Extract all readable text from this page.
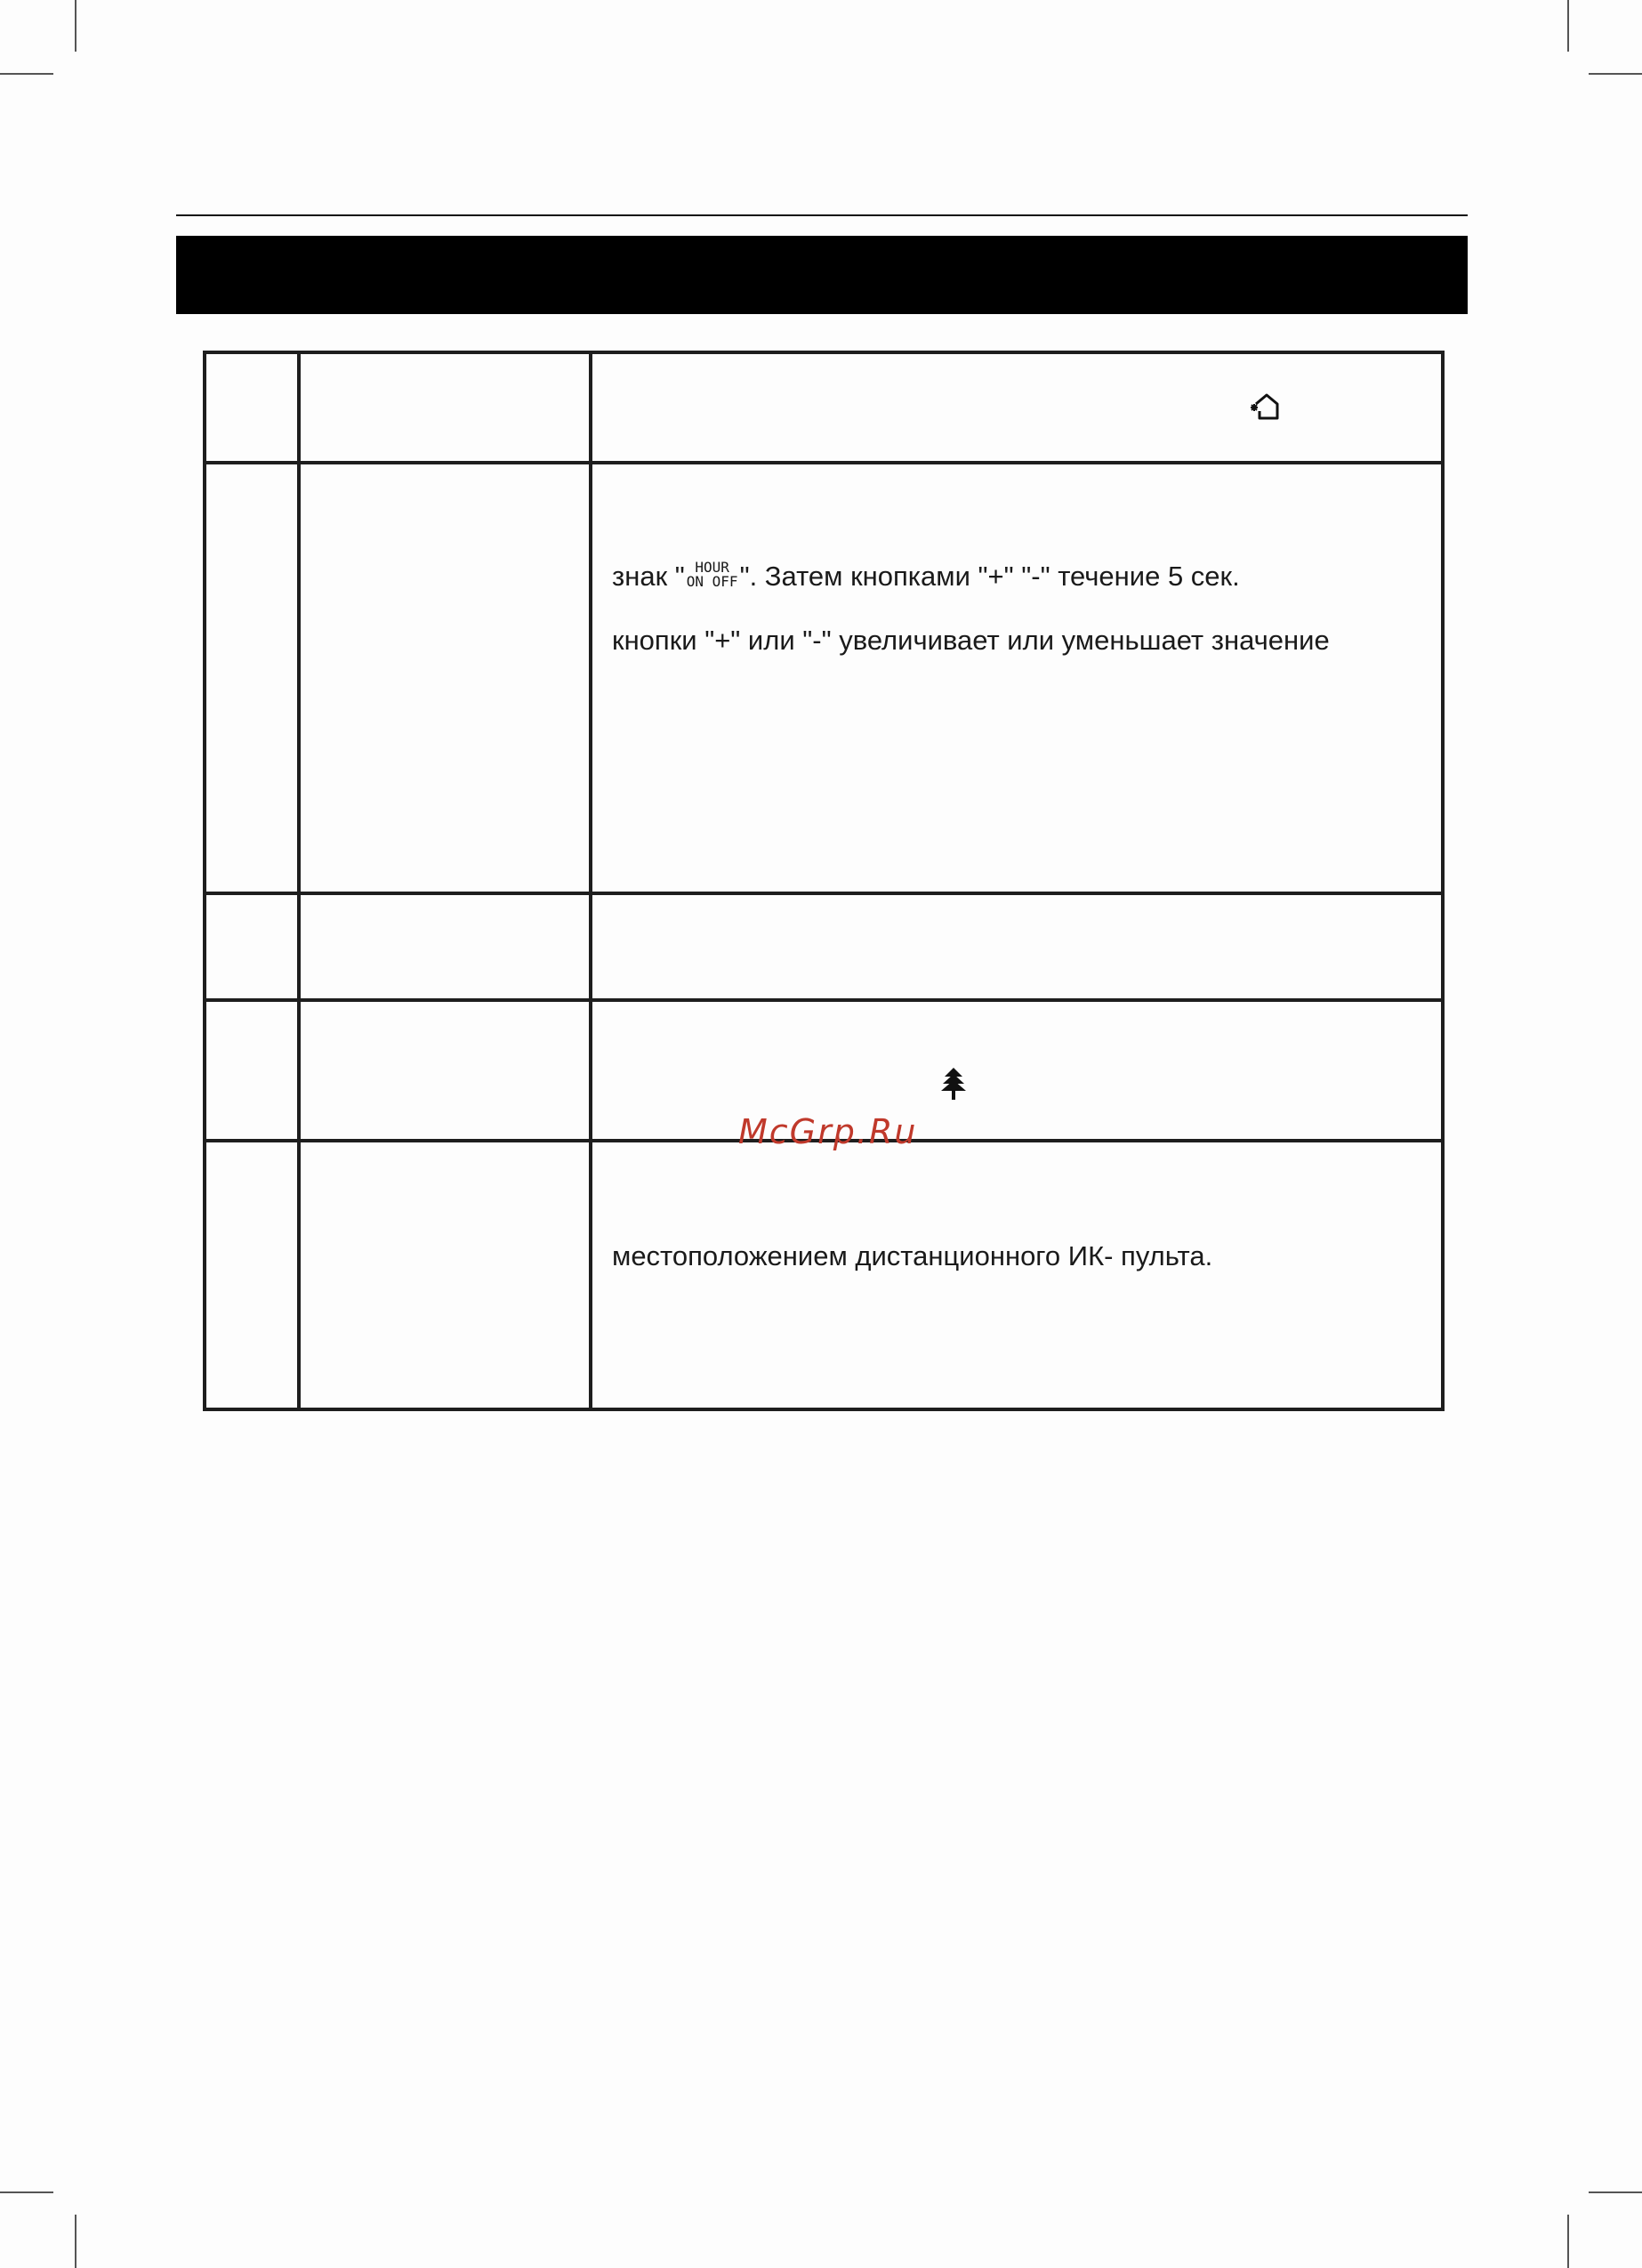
		знак " HOUR
ON OFF ". Затем кнопками "+" "-" течение 5 сек.
кнопки "+" или "-" увеличивает или уменьшает значение

		местоположением дистанционного ИК- пульта.
McGrp.Ru
